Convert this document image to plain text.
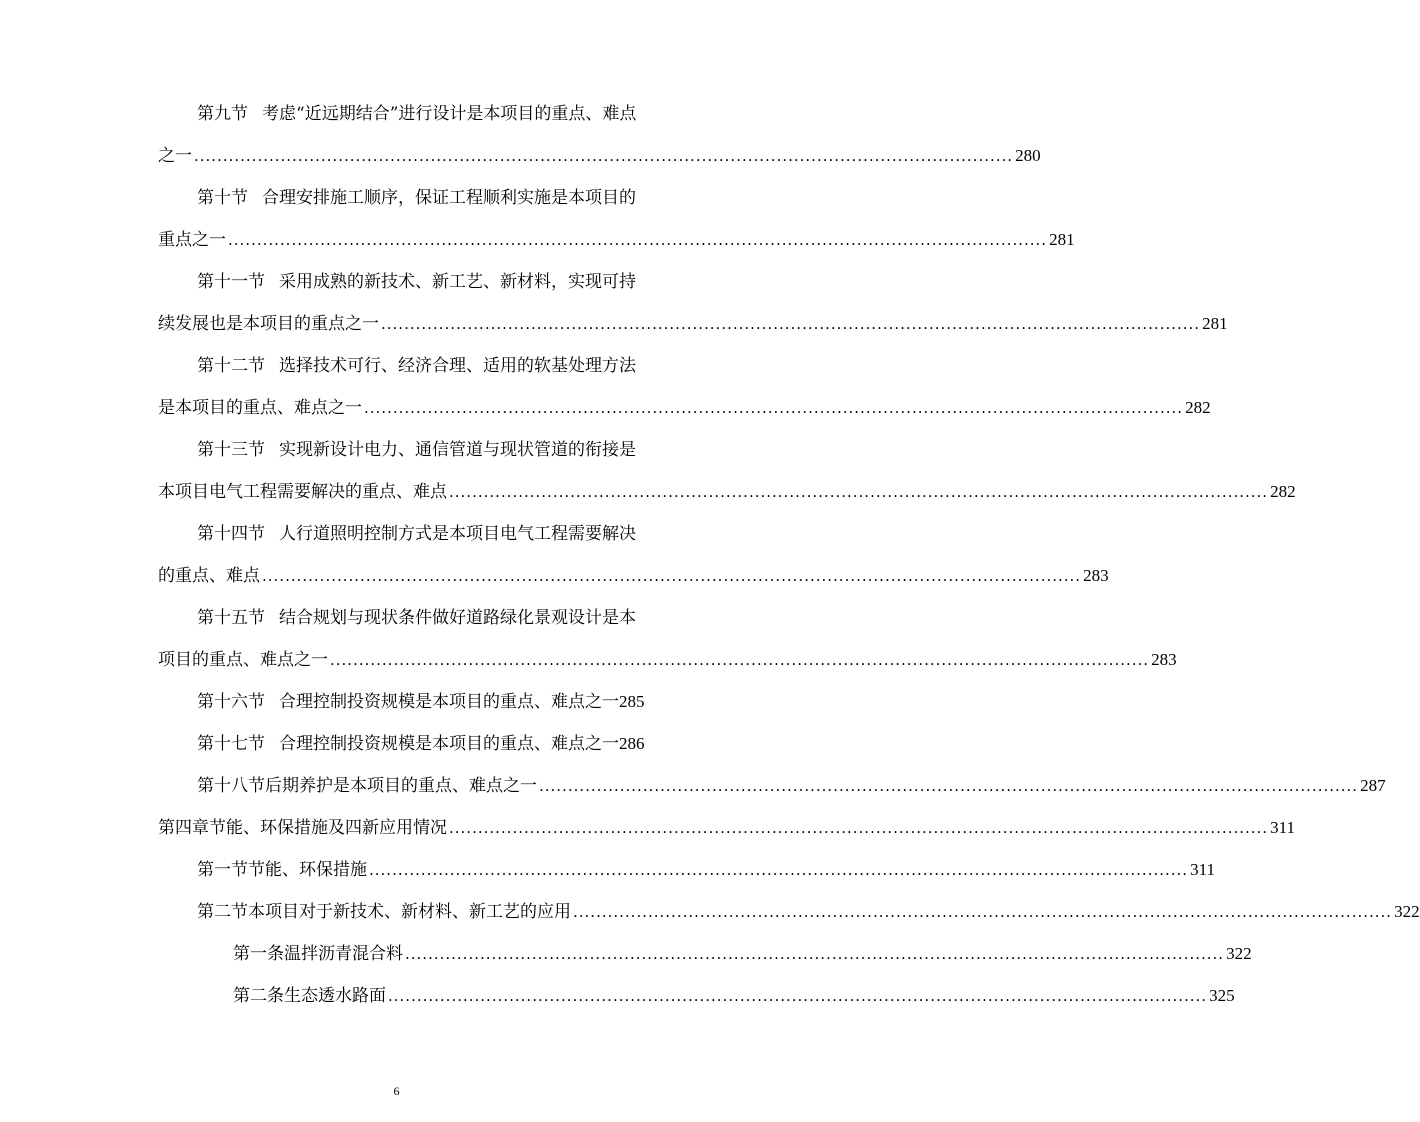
第九节 考虑“近远期结合”进行设计是本项目的重点、难点
之一 .............................................................................................................................................. 280
第十节 合理安排施工顺序，保证工程顺利实施是本项目的
重点之一 .............................................................................................................................................. 281
第十一节 采用成熟的新技术、新工艺、新材料，实现可持
续发展也是本项目的重点之一 .............................................................................................................................................. 281
第十二节 选择技术可行、经济合理、适用的软基处理方法
是本项目的重点、难点之一 .............................................................................................................................................. 282
第十三节 实现新设计电力、通信管道与现状管道的衔接是
本项目电气工程需要解决的重点、难点 .............................................................................................................................................. 282
第十四节 人行道照明控制方式是本项目电气工程需要解决
的重点、难点 .............................................................................................................................................. 283
第十五节 结合规划与现状条件做好道路绿化景观设计是本
项目的重点、难点之一 .............................................................................................................................................. 283
第十六节 合理控制投资规模是本项目的重点、难点之一 285
第十七节 合理控制投资规模是本项目的重点、难点之一 286
第十八节 后期养护是本项目的重点、难点之一 .............................................................................................................................................. 287
第四章 节能、环保措施及四新应用情况 .............................................................................................................................................. 311
第一节 节能、环保措施 .............................................................................................................................................. 311
第二节 本项目对于新技术、新材料、新工艺的应用 .............................................................................................................................................. 322
第一条 温拌沥青混合料 .............................................................................................................................................. 322
第二条 生态透水路面 .............................................................................................................................................. 325
6
